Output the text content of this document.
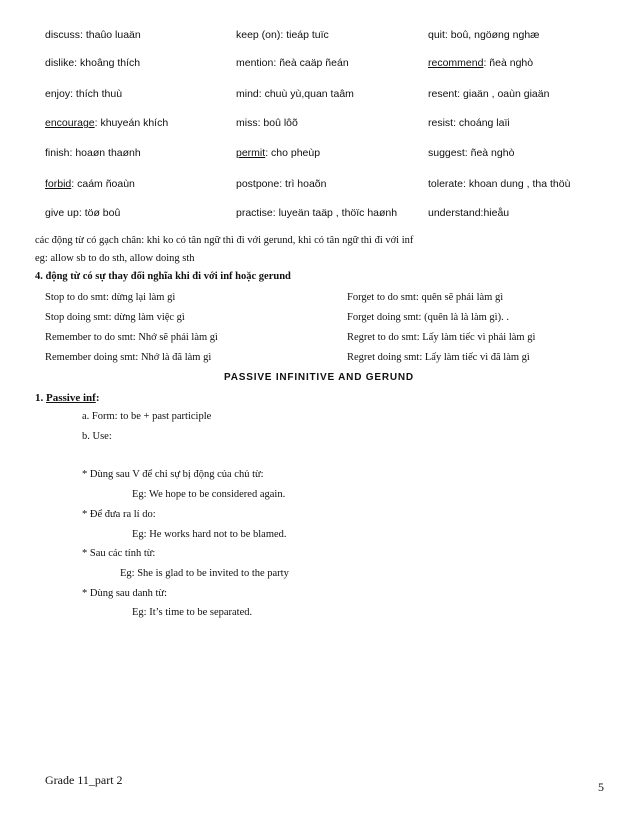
discuss: thaûo luaän	keep (on): tieáp tuïc	quit: boû, ngöøng nghæ
dislike: khoâng thích	mention: ñeà caäp ñeán	recommend: ñeà nghò
enjoy: thích thuù	mind: chuù yù,quan taâm	resent: giaän , oaùn giaän
encourage: khuyeán khích	miss: boû lôõ	resist: choáng laïi
finish: hoaøn thaønh	permit: cho pheùp	suggest: ñeà nghò
forbid: caám ñoaùn	postpone: trì hoaõn	tolerate: khoan dung , tha thöù
give up: töø boû	practise: luyeän taäp , thöïc haønh	understand:hieåu
các động từ có gạch chân: khi ko có tân ngữ thì đi với gerund, khi có tân ngữ thì đi với inf
eg: allow sb to do sth, allow doing sth
4. động từ có sự thay đổi nghĩa khi đi với inf hoặc gerund
Stop to do smt: dừng lại làm gì	Forget to do smt: quên sẽ phải làm gì
Stop doing smt: dừng làm việc gì	Forget doing smt: (quên là là làm gì). .
Remember to do smt: Nhớ sẽ phải làm gì	Regret to do smt: Lấy làm tiếc vì phải làm gì
Remember doing smt: Nhớ là đã làm gì	Regret doing smt: Lấy làm tiếc vì đã làm gì
PASSIVE INFINITIVE AND GERUND
1. Passive inf:
a. Form: to be + past participle
b. Use:
* Dùng sau V để chỉ sự bị động của chủ từ:
Eg: We hope to be considered again.
* Để đưa ra lí do:
Eg: He works hard not to be blamed.
* Sau các tính từ:
Eg: She is glad to be invited to the party
* Dùng sau danh từ:
Eg: It’s time to be separated.
Grade 11_part 2	5
